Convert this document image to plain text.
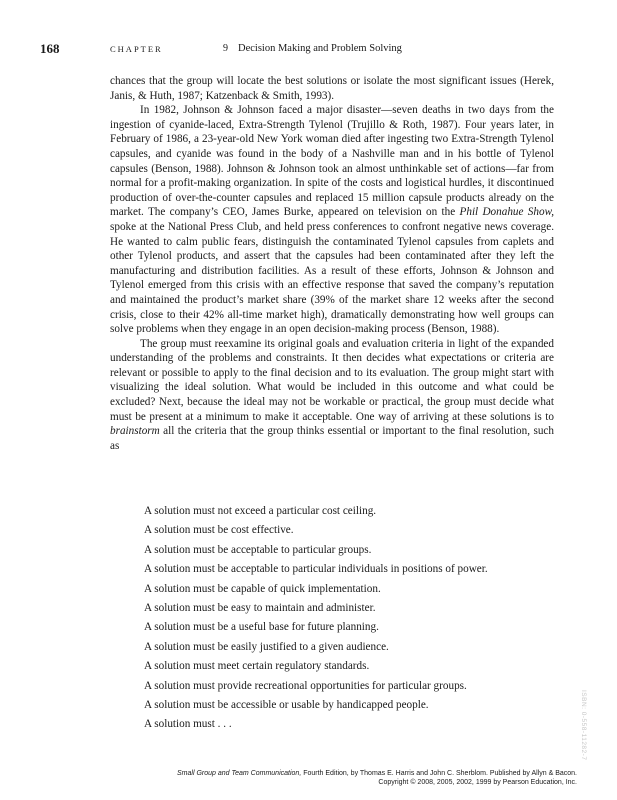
168	CHAPTER	9 Decision Making and Problem Solving

chances that the group will locate the best solutions or isolate the most significant issues (Herek, Janis, & Huth, 1987; Katzenback & Smith, 1993).

In 1982, Johnson & Johnson faced a major disaster—seven deaths in two days from the ingestion of cyanide-laced, Extra-Strength Tylenol (Trujillo & Roth, 1987). Four years later, in February of 1986, a 23-year-old New York woman died after ingesting two Extra-Strength Tylenol capsules, and cyanide was found in the body of a Nashville man and in his bottle of Tylenol capsules (Benson, 1988). Johnson & Johnson took an almost unthinkable set of actions—far from normal for a profit-making organization. In spite of the costs and logistical hurdles, it discontinued production of over-the-counter capsules and replaced 15 million capsule products already on the market. The company’s CEO, James Burke, appeared on television on the Phil Donahue Show, spoke at the National Press Club, and held press conferences to confront negative news coverage. He wanted to calm public fears, distinguish the contaminated Tylenol capsules from caplets and other Tylenol products, and assert that the capsules had been contaminated after they left the manufacturing and distribution facilities. As a result of these efforts, Johnson & Johnson and Tylenol emerged from this crisis with an effective response that saved the company’s reputation and maintained the product’s market share (39% of the market share 12 weeks after the second crisis, close to their 42% all-time market high), dramatically demonstrating how well groups can solve problems when they engage in an open decision-making process (Benson, 1988).

The group must reexamine its original goals and evaluation criteria in light of the expanded understanding of the problems and constraints. It then decides what expectations or criteria are relevant or possible to apply to the final decision and to its evaluation. The group might start with visualizing the ideal solution. What would be included in this outcome and what could be excluded? Next, because the ideal may not be workable or practical, the group must decide what must be present at a minimum to make it acceptable. One way of arriving at these solutions is to brainstorm all the criteria that the group thinks essential or important to the final resolution, such as

A solution must not exceed a particular cost ceiling.
A solution must be cost effective.
A solution must be acceptable to particular groups.
A solution must be acceptable to particular individuals in positions of power.
A solution must be capable of quick implementation.
A solution must be easy to maintain and administer.
A solution must be a useful base for future planning.
A solution must be easily justified to a given audience.
A solution must meet certain regulatory standards.
A solution must provide recreational opportunities for particular groups.
A solution must be accessible or usable by handicapped people.
A solution must . . .	ISBN: 0-558-11282-7
Small Group and Team Communication, Fourth Edition, by Thomas E. Harris and John C. Sherblom. Published by Allyn & Bacon.
Copyright © 2008, 2005, 2002, 1999 by Pearson Education, Inc.
